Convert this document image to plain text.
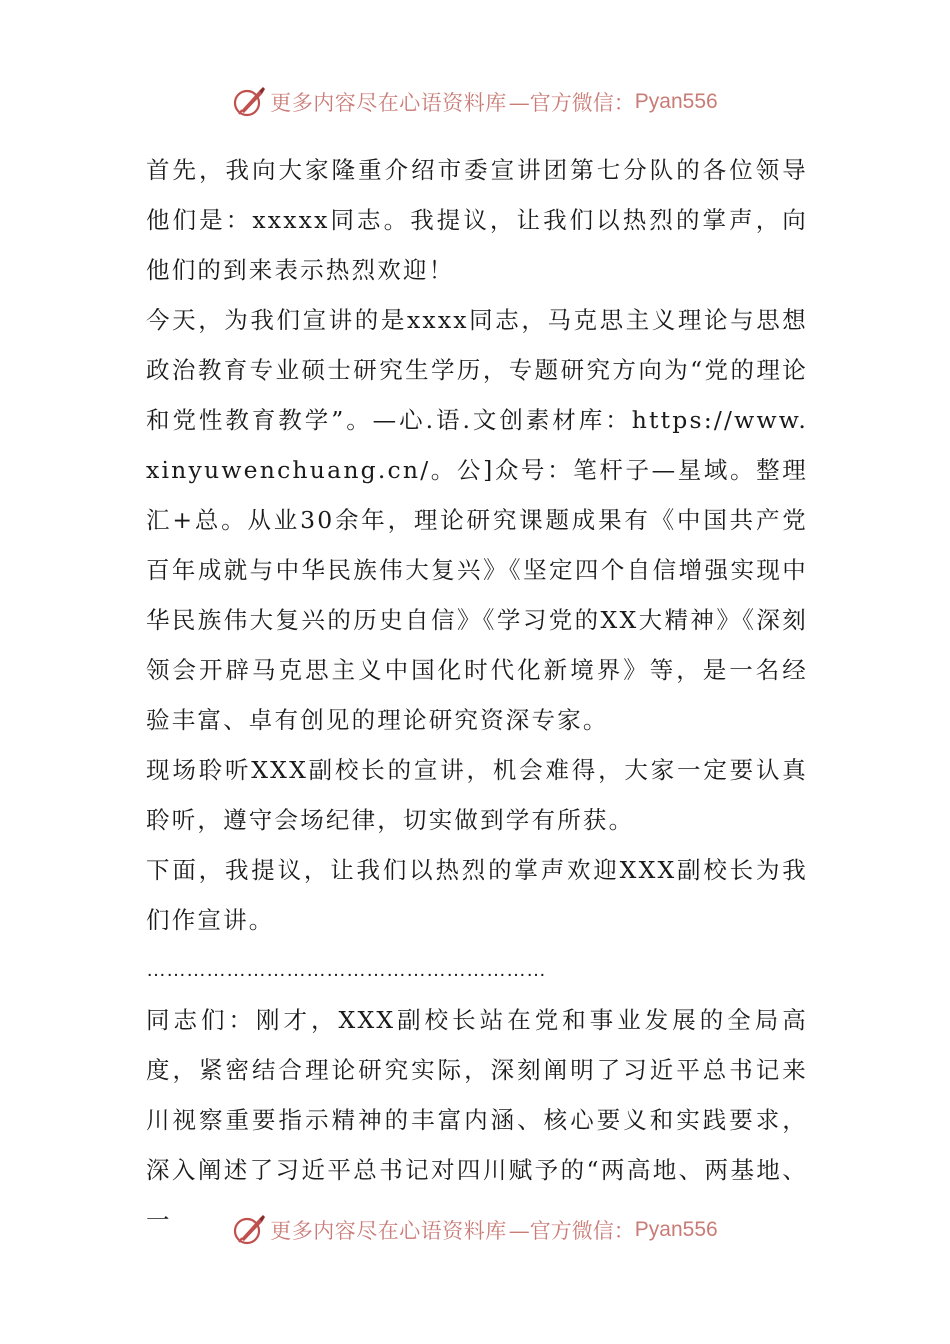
更多内容尽在心语资料库 —官方微信： Pyan556

首先，我向大家隆重介绍市委宣讲团第七分队的各位领导他们是：xxxxx同志。我提议，让我们以热烈的掌声，向他们的到来表示热烈欢迎！

今天，为我们宣讲的是xxxx同志，马克思主义理论与思想政治教育专业硕士研究生学历，专题研究方向为“党的理论和党性教育教学”。—心.语.文创素材库：https://www.xinyuwenchuang.cn/。公]众号：笔杆子—星域。整理汇+总。从业30余年，理论研究课题成果有《中国共产党百年成就与中华民族伟大复兴》《坚定四个自信增强实现中华民族伟大复兴的历史自信》《学习党的XX大精神》《深刻领会开辟马克思主义中国化时代化新境界》等，是一名经验丰富、卓有创见的理论研究资深专家。

现场聆听XXX副校长的宣讲，机会难得，大家一定要认真聆听，遵守会场纪律，切实做到学有所获。

下面，我提议，让我们以热烈的掌声欢迎XXX副校长为我们作宣讲。

……………………………………………………

同志们：刚才，XXX副校长站在党和事业发展的全局高度，紧密结合理论研究实际，深刻阐明了习近平总书记来川视察重要指示精神的丰富内涵、核心要义和实践要求，深入阐述了习近平总书记对四川赋予的“两高地、两基地、一	更多内容尽在心语资料库 —官方微信： Pyan556
